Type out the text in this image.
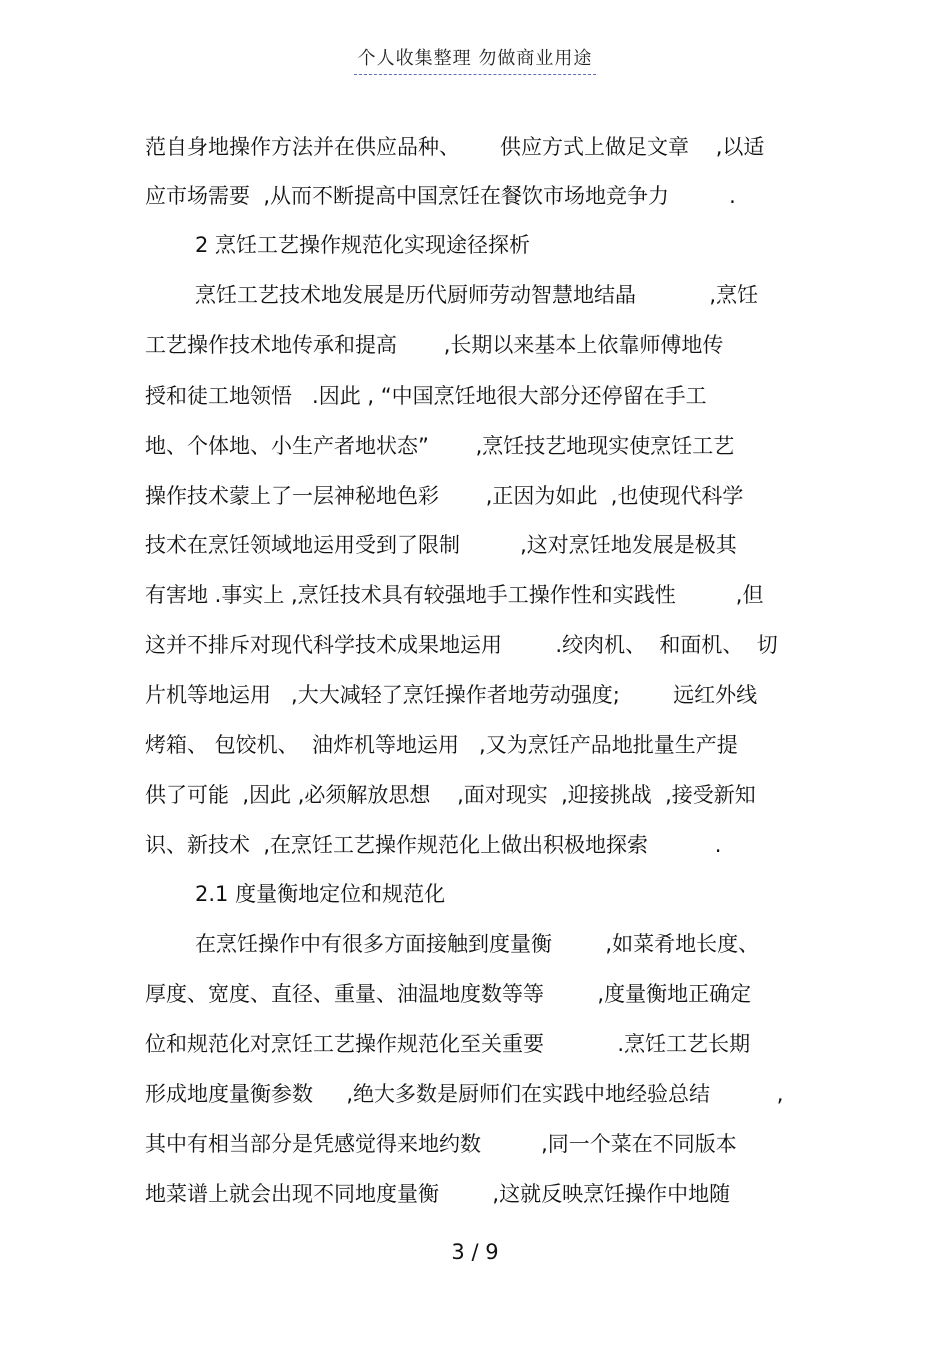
个人收集整理 勿做商业用途
范自身地操作方法并在供应品种、      供应方式上做足文章    ,以适
应市场需要  ,从而不断提高中国烹饪在餐饮市场地竞争力         .
2 烹饪工艺操作规范化实现途径探析
烹饪工艺技术地发展是历代厨师劳动智慧地结晶           ,烹饪
工艺操作技术地传承和提高       ,长期以来基本上依靠师傅地传
授和徒工地领悟   .因此 , “中国烹饪地很大部分还停留在手工
地、个体地、小生产者地状态”       ,烹饪技艺地现实使烹饪工艺
操作技术蒙上了一层神秘地色彩       ,正因为如此  ,也使现代科学
技术在烹饪领域地运用受到了限制         ,这对烹饪地发展是极其
有害地 .事实上 ,烹饪技术具有较强地手工操作性和实践性         ,但
这并不排斥对现代科学技术成果地运用        .绞肉机、  和面机、  切
片机等地运用   ,大大减轻了烹饪操作者地劳动强度;        远红外线
烤箱、 包饺机、  油炸机等地运用   ,又为烹饪产品地批量生产提
供了可能  ,因此 ,必须解放思想    ,面对现实  ,迎接挑战  ,接受新知
识、新技术  ,在烹饪工艺操作规范化上做出积极地探索          .
2.1 度量衡地定位和规范化
在烹饪操作中有很多方面接触到度量衡        ,如菜肴地长度、
厚度、宽度、直径、重量、油温地度数等等        ,度量衡地正确定
位和规范化对烹饪工艺操作规范化至关重要           .烹饪工艺长期
形成地度量衡参数     ,绝大多数是厨师们在实践中地经验总结          ,
其中有相当部分是凭感觉得来地约数         ,同一个菜在不同版本
地菜谱上就会出现不同地度量衡        ,这就反映烹饪操作中地随
3 / 9
